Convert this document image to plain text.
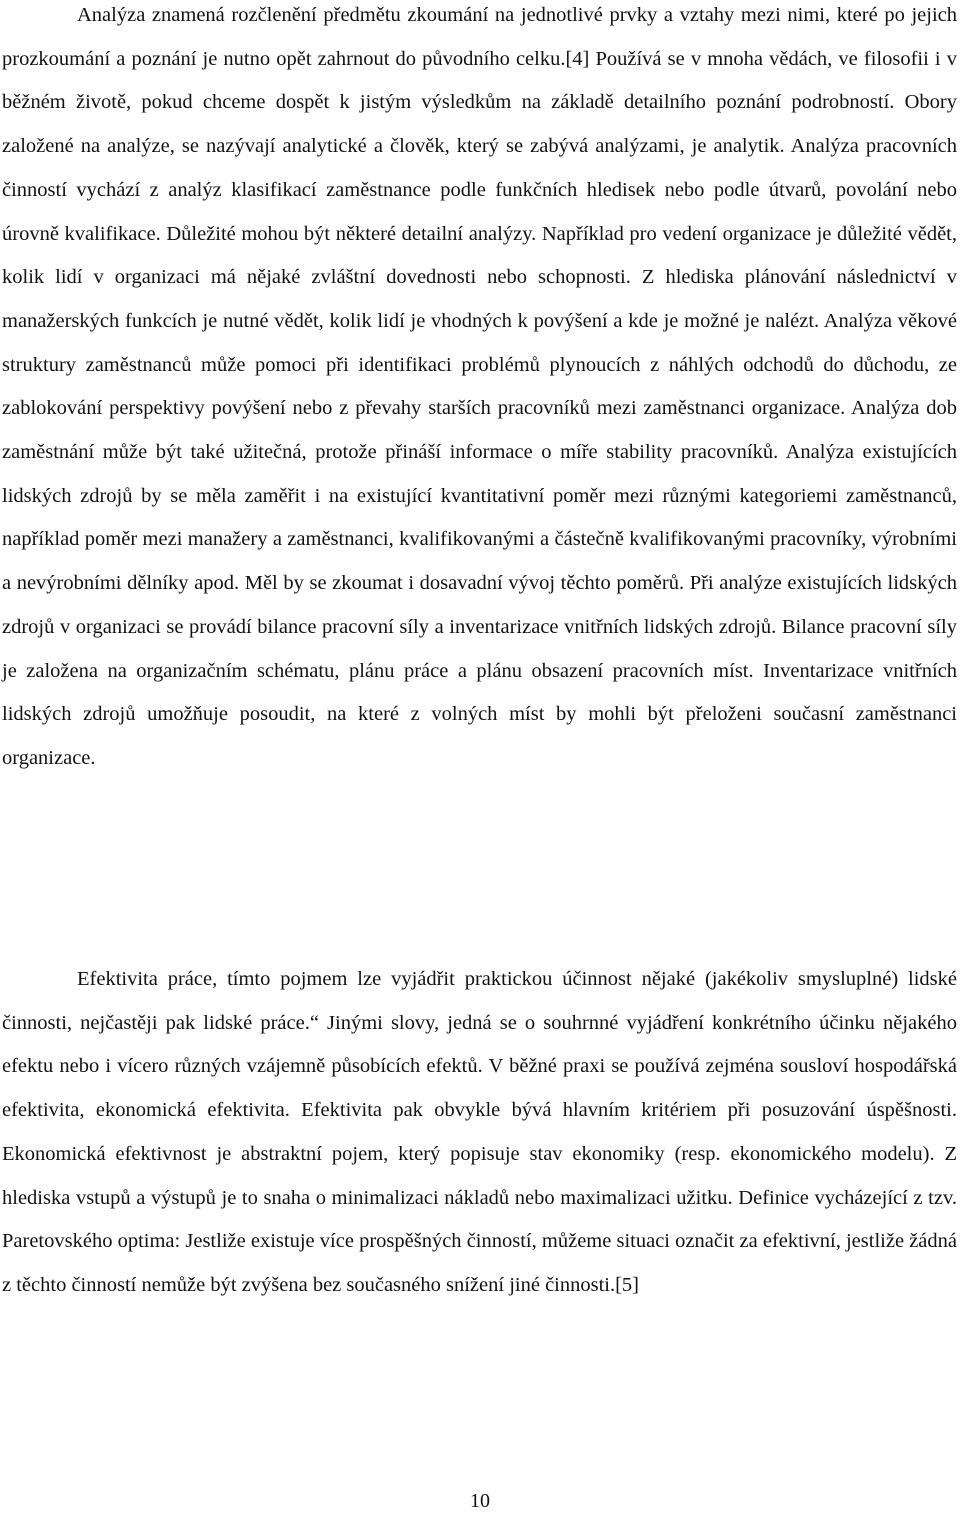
Analýza znamená rozčlenění předmětu zkoumání na jednotlivé prvky a vztahy mezi nimi, které po jejich prozkoumání a poznání je nutno opět zahrnout do původního celku.[4] Používá se v mnoha vědách, ve filosofii i v běžném životě, pokud chceme dospět k jistým výsledkům na základě detailního poznání podrobností. Obory založené na analýze, se nazývají analytické a člověk, který se zabývá analýzami, je analytik. Analýza pracovních činností vychází z analýz klasifikací zaměstnance podle funkčních hledisek nebo podle útvarů, povolání nebo úrovně kvalifikace. Důležité mohou být některé detailní analýzy. Například pro vedení organizace je důležité vědět, kolik lidí v organizaci má nějaké zvláštní dovednosti nebo schopnosti. Z hlediska plánování následnictví v manažerských funkcích je nutné vědět, kolik lidí je vhodných k povýšení a kde je možné je nalézt. Analýza věkové struktury zaměstnanců může pomoci při identifikaci problémů plynoucích z náhlých odchodů do důchodu, ze zablokování perspektivy povýšení nebo z převahy starších pracovníků mezi zaměstnanci organizace. Analýza dob zaměstnání může být také užitečná, protože přináší informace o míře stability pracovníků. Analýza existujících lidských zdrojů by se měla zaměřit i na existující kvantitativní poměr mezi různými kategoriemi zaměstnanců, například poměr mezi manažery a zaměstnanci, kvalifikovanými a částečně kvalifikovanými pracovníky, výrobními a nevýrobními dělníky apod. Měl by se zkoumat i dosavadní vývoj těchto poměrů. Při analýze existujících lidských zdrojů v organizaci se provádí bilance pracovní síly a inventarizace vnitřních lidských zdrojů. Bilance pracovní síly je založena na organizačním schématu, plánu práce a plánu obsazení pracovních míst. Inventarizace vnitřních lidských zdrojů umožňuje posoudit, na které z volných míst by mohli být přeloženi současní zaměstnanci organizace.

Efektivita práce, tímto pojmem lze vyjádřit praktickou účinnost nějaké (jakékoliv smysluplné) lidské činnosti, nejčastěji pak lidské práce.“ Jinými slovy, jedná se o souhrnné vyjádření konkrétního účinku nějakého efektu nebo i vícero různých vzájemně působících efektů. V běžné praxi se používá zejména sousloví hospodářská efektivita, ekonomická efektivita. Efektivita pak obvykle bývá hlavním kritériem při posuzování úspěšnosti. Ekonomická efektivnost je abstraktní pojem, který popisuje stav ekonomiky (resp. ekonomického modelu). Z hlediska vstupů a výstupů je to snaha o minimalizaci nákladů nebo maximalizaci užitku. Definice vycházející z tzv. Paretovského optima: Jestliže existuje více prospěšných činností, můžeme situaci označit za efektivní, jestliže žádná z těchto činností nemůže být zvýšena bez současného snížení jiné činnosti.[5]

10
